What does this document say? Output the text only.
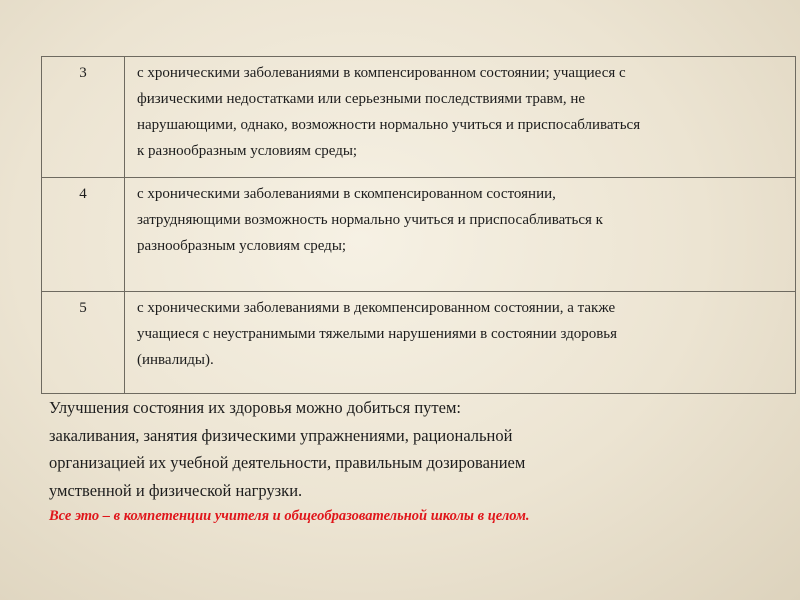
3	с хроническими заболеваниями в компенсированном состоянии; учащиеся с
физическими недостатками или серьезными последствиями травм, не
нарушающими, однако, возможности нормально учиться и приспосабливаться
к разнообразным условиям среды;

4	с хроническими заболеваниями в скомпенсированном состоянии,
затрудняющими возможность нормально учиться и приспосабливаться к
разнообразным условиям среды;

5	с хроническими заболеваниями в декомпенсированном состоянии, а также
учащиеся с неустранимыми тяжелыми нарушениями в состоянии здоровья
(инвалиды).

Улучшения состояния их здоровья можно добиться путем:

закаливания, занятия физическими упражнениями, рациональной

организацией их учебной деятельности, правильным дозированием

умственной и физической нагрузки.

Все это – в компетенции учителя и общеобразовательной школы в целом.
